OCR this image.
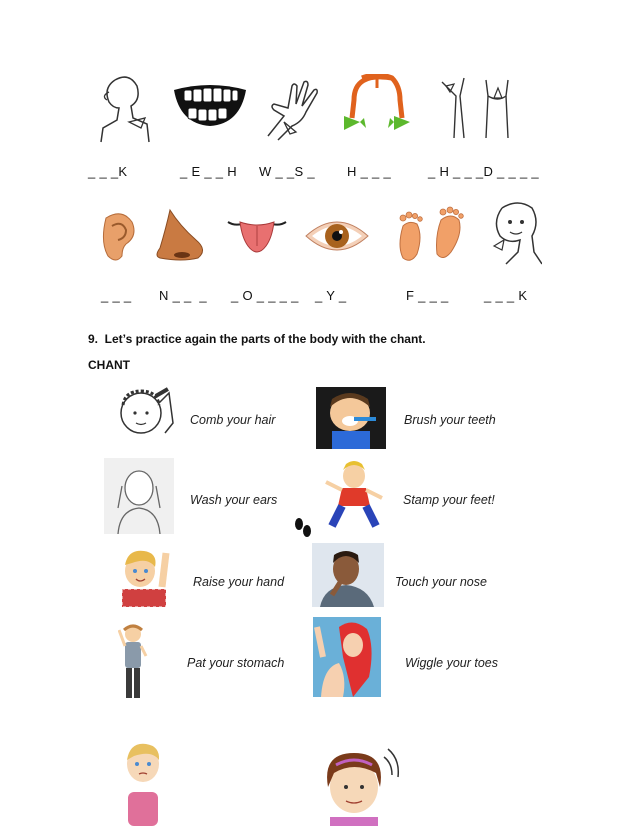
_ _ _K	_ E _ _ H W _ _S _ H _ _ _	_ H _ _ _D _ _ _ _
_ _ _ N _ _  _ _ O _ _ _ _ _ Y _	F _ _ _	_ _ _ K
9.  Let’s practice again the parts of the body with the chant.
CHANT
Comb your hair	Brush your teeth
Wash your ears	Stamp your feet!
Raise your hand	Touch your nose
Pat your stomach	Wiggle your toes
